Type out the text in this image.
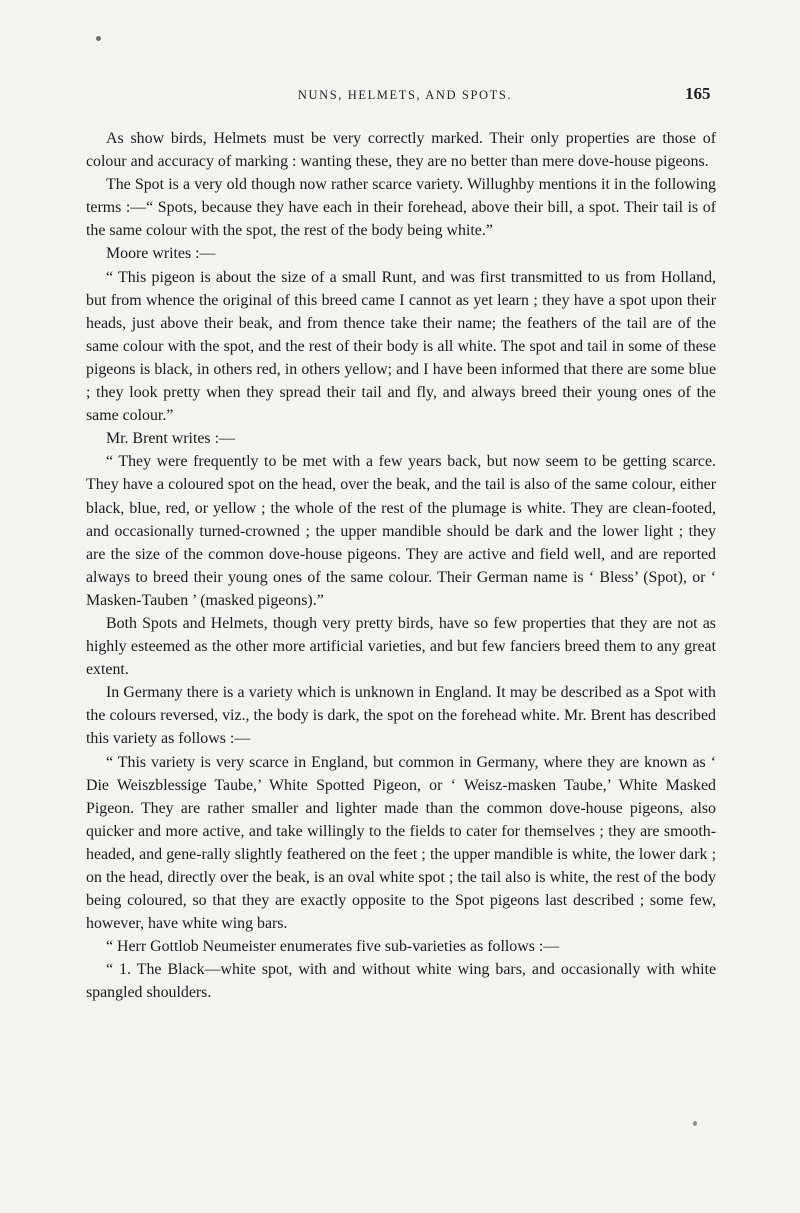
NUNS, HELMETS, AND SPOTS.	165

As show birds, Helmets must be very correctly marked. Their only properties are those of colour and accuracy of marking : wanting these, they are no better than mere dove-house pigeons.

The Spot is a very old though now rather scarce variety. Willughby mentions it in the following terms :—“ Spots, because they have each in their forehead, above their bill, a spot. Their tail is of the same colour with the spot, the rest of the body being white.”

Moore writes :—

“ This pigeon is about the size of a small Runt, and was first transmitted to us from Holland, but from whence the original of this breed came I cannot as yet learn ; they have a spot upon their heads, just above their beak, and from thence take their name; the feathers of the tail are of the same colour with the spot, and the rest of their body is all white. The spot and tail in some of these pigeons is black, in others red, in others yellow; and I have been informed that there are some blue ; they look pretty when they spread their tail and fly, and always breed their young ones of the same colour.”

Mr. Brent writes :—

“ They were frequently to be met with a few years back, but now seem to be getting scarce. They have a coloured spot on the head, over the beak, and the tail is also of the same colour, either black, blue, red, or yellow ; the whole of the rest of the plumage is white. They are clean-footed, and occasionally turned-crowned ; the upper mandible should be dark and the lower light ; they are the size of the common dove-house pigeons. They are active and field well, and are reported always to breed their young ones of the same colour. Their German name is ‘ Bless’ (Spot), or ‘ Masken-Tauben ’ (masked pigeons).”

Both Spots and Helmets, though very pretty birds, have so few properties that they are not as highly esteemed as the other more artificial varieties, and but few fanciers breed them to any great extent.

In Germany there is a variety which is unknown in England. It may be described as a Spot with the colours reversed, viz., the body is dark, the spot on the forehead white. Mr. Brent has described this variety as follows :—

“ This variety is very scarce in England, but common in Germany, where they are known as ‘ Die Weiszblessige Taube,’ White Spotted Pigeon, or ‘ Weisz-masken Taube,’ White Masked Pigeon. They are rather smaller and lighter made than the common dove-house pigeons, also quicker and more active, and take willingly to the fields to cater for themselves ; they are smooth-headed, and gene-rally slightly feathered on the feet ; the upper mandible is white, the lower dark ; on the head, directly over the beak, is an oval white spot ; the tail also is white, the rest of the body being coloured, so that they are exactly opposite to the Spot pigeons last described ; some few, however, have white wing bars.

“ Herr Gottlob Neumeister enumerates five sub-varieties as follows :—

“ 1. The Black—white spot, with and without white wing bars, and occasionally with white spangled shoulders.
